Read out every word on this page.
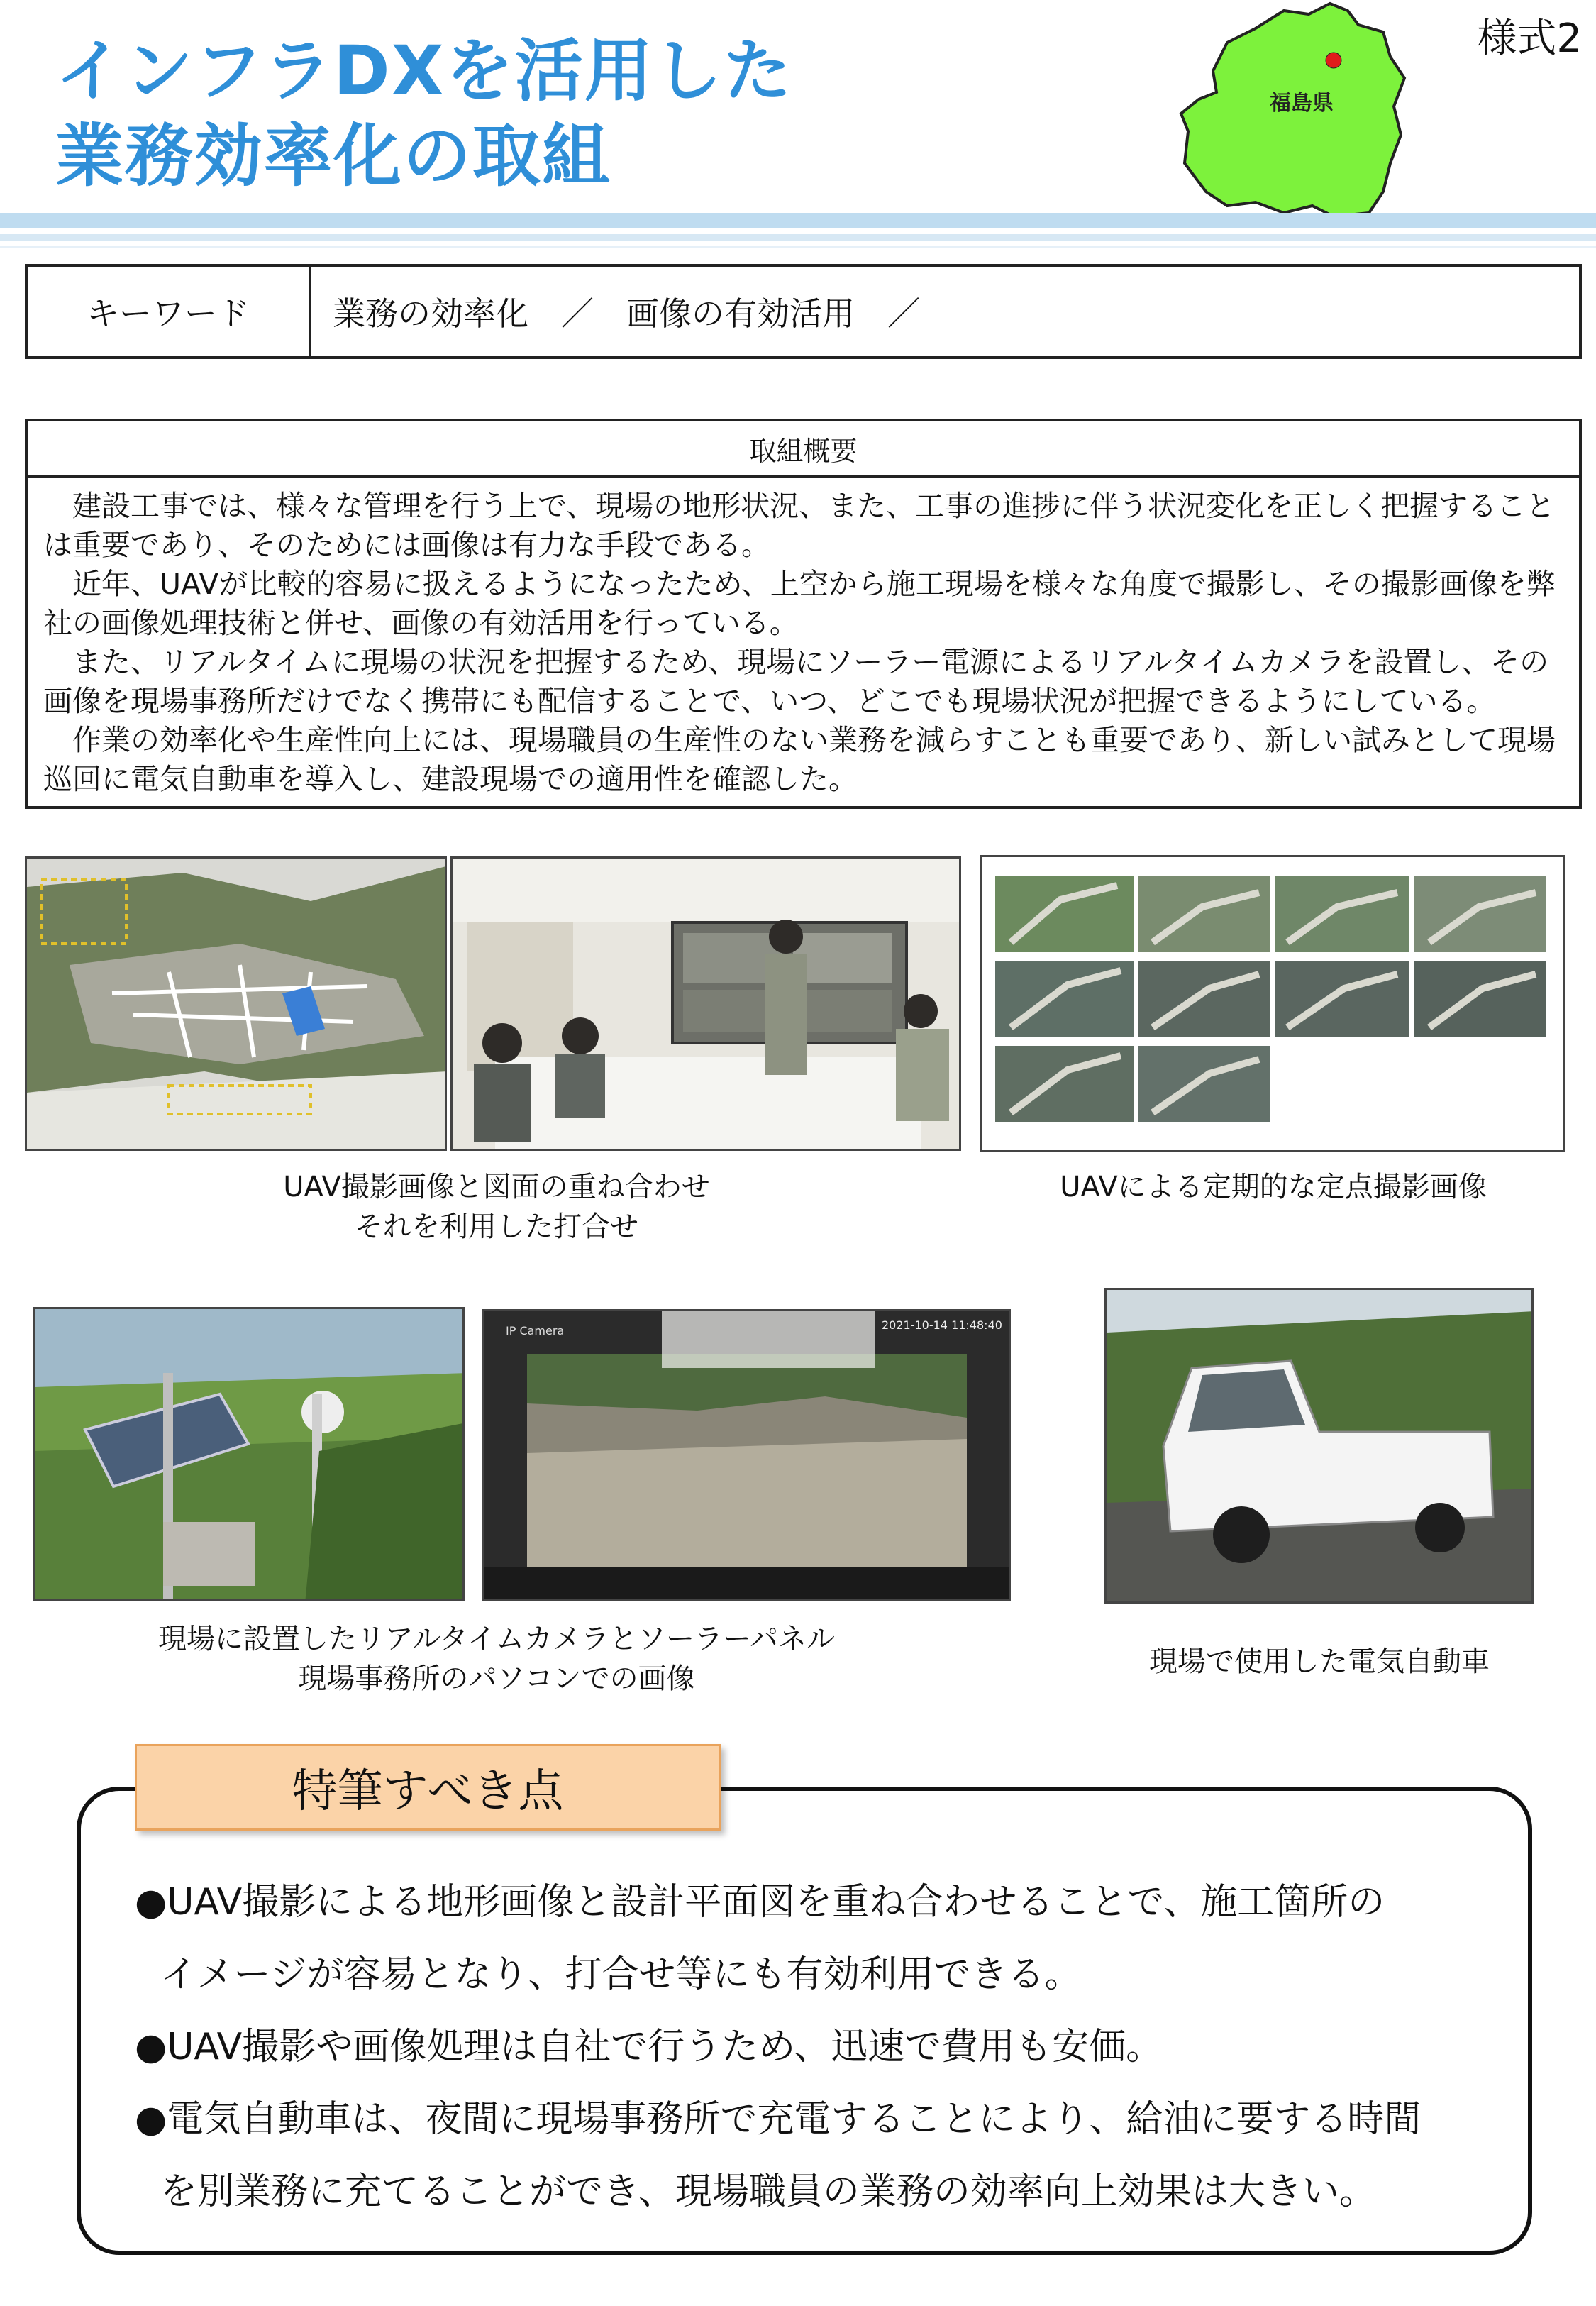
インフラDXを活用した
業務効率化の取組
福島県
様式2
キーワード	業務の効率化　／　画像の有効活用　／
取組概要

　建設工事では、様々な管理を行う上で、現場の地形状況、また、工事の進捗に伴う状況変化を正しく把握することは重要であり、そのためには画像は有力な手段である。

　近年、UAVが比較的容易に扱えるようになったため、上空から施工現場を様々な角度で撮影し、その撮影画像を弊社の画像処理技術と併せ、画像の有効活用を行っている。

　また、リアルタイムに現場の状況を把握するため、現場にソーラー電源によるリアルタイムカメラを設置し、その画像を現場事務所だけでなく携帯にも配信することで、いつ、どこでも現場状況が把握できるようにしている。

　作業の効率化や生産性向上には、現場職員の生産性のない業務を減らすことも重要であり、新しい試みとして現場巡回に電気自動車を導入し、建設現場での適用性を確認した。

UAV撮影画像と図面の重ね合わせ
それを利用した打合せ
UAVによる定期的な定点撮影画像
IP Camera	2021-10-14 11:48:40
現場に設置したリアルタイムカメラとソーラーパネル
現場事務所のパソコンでの画像
現場で使用した電気自動車
特筆すべき点

●UAV撮影による地形画像と設計平面図を重ね合わせることで、施工箇所の

イメージが容易となり、打合せ等にも有効利用できる。

●UAV撮影や画像処理は自社で行うため、迅速で費用も安価。

●電気自動車は、夜間に現場事務所で充電することにより、給油に要する時間

を別業務に充てることができ、現場職員の業務の効率向上効果は大きい。
